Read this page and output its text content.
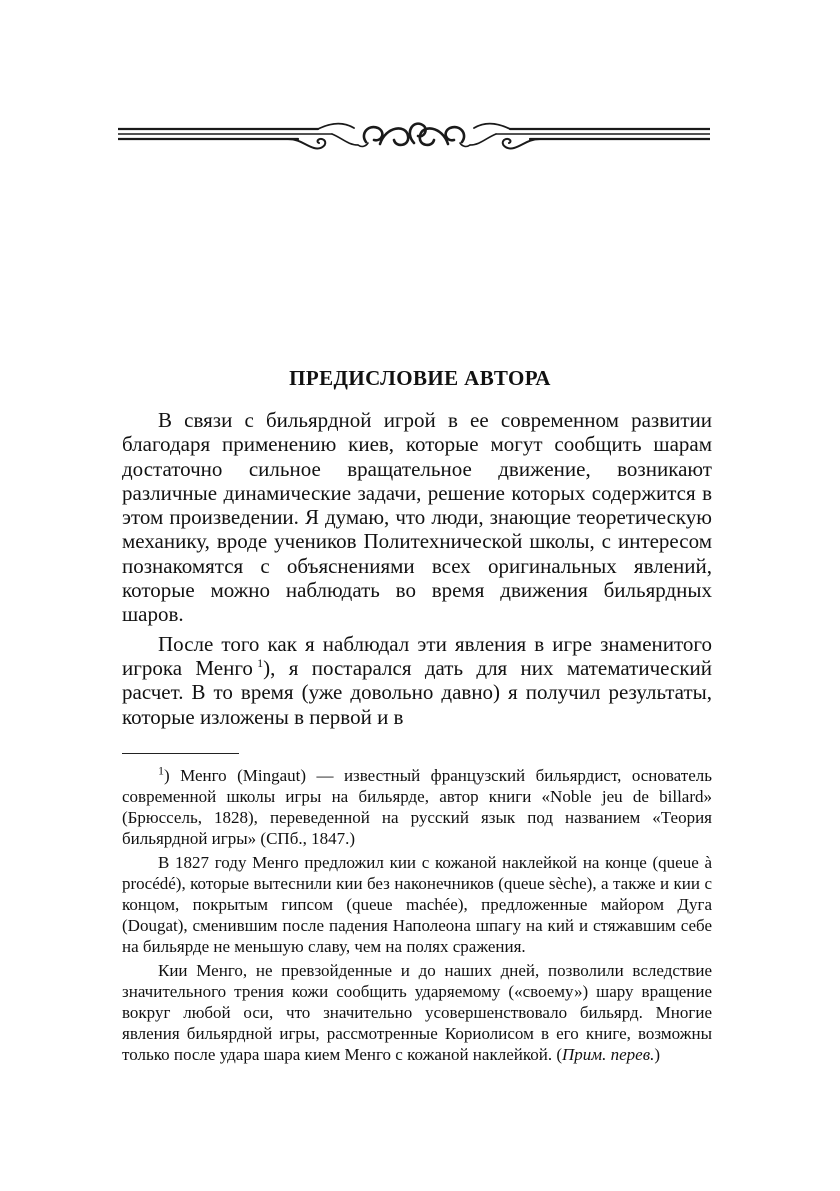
ПРЕДИСЛОВИЕ АВТОРА

В связи с бильярдной игрой в ее современном развитии благодаря применению киев, которые могут сообщить шарам достаточно сильное вращательное движение, возникают различные динамические задачи, решение которых содержится в этом произведении. Я думаю, что люди, знающие теоретическую механику, вроде учеников Политехнической школы, с интересом познакомятся с объяснениями всех оригинальных явлений, которые можно наблюдать во время движения бильярдных шаров.

После того как я наблюдал эти явления в игре знаменитого игрока Менго  $^1$), я постарался дать для них математический расчет. В то время (уже довольно давно) я получил результаты, которые изложены в первой и в

$^1$) Менго (Mingaut) — известный французский бильярдист, основатель современной школы игры на бильярде, автор книги «Noble jeu de billard» (Брюссель, 1828), переведенной на русский язык под названием «Теория бильярдной игры» (СПб., 1847.)

В 1827 году Менго предложил кии с кожаной наклейкой на конце (queue à procédé), которые вытеснили кии без наконечников (queue sèche), а также и кии с концом, покрытым гипсом (queue machée), предложенные майором Дуга (Dougat), сменившим после падения Наполеона шпагу на кий и стяжавшим себе на бильярде не меньшую славу, чем на полях сражения.

Кии Менго, не превзойденные и до наших дней, позволили вследствие значительного трения кожи сообщить ударяемому («своему») шару вращение вокруг любой оси, что значительно усовершенствовало бильярд. Многие явления бильярдной игры, рассмотренные Кориолисом в его книге, возможны только после удара шара кием Менго с кожаной наклейкой. (Прим. перев.)
